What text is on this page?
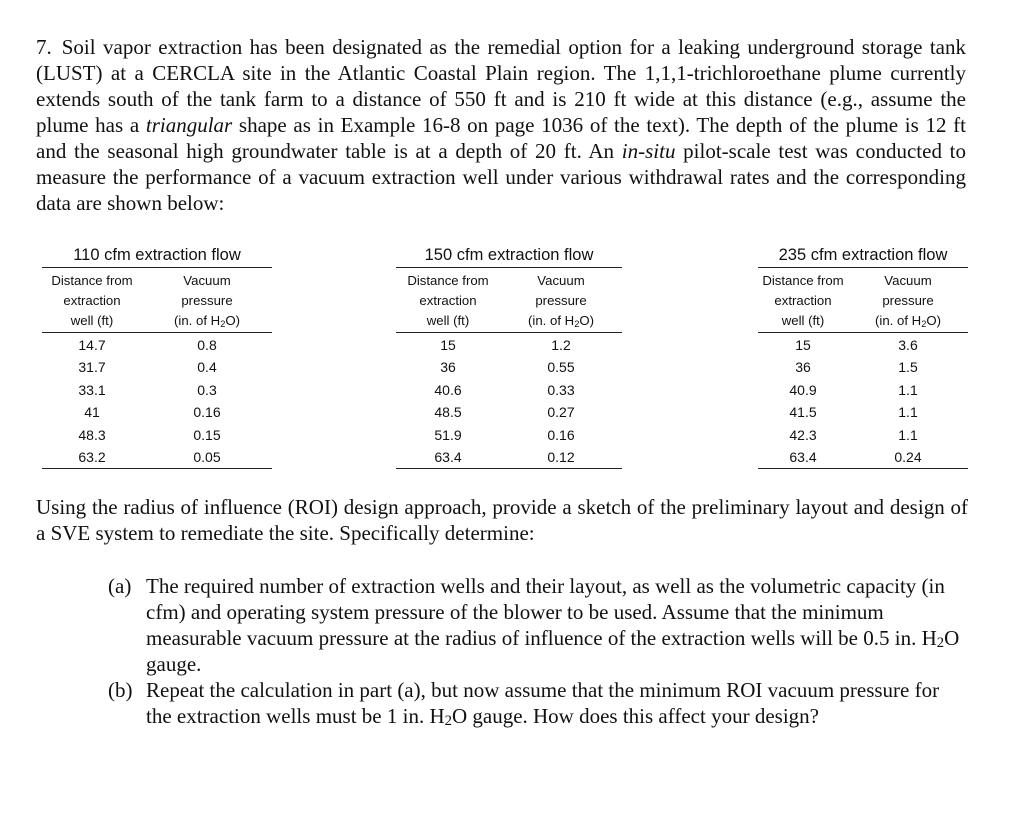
7. Soil vapor extraction has been designated as the remedial option for a leaking underground storage tank (LUST) at a CERCLA site in the Atlantic Coastal Plain region. The 1,1,1-trichloroethane plume currently extends south of the tank farm to a distance of 550 ft and is 210 ft wide at this distance (e.g., assume the plume has a triangular shape as in Example 16-8 on page 1036 of the text). The depth of the plume is 12 ft and the seasonal high groundwater table is at a depth of 20 ft. An in-situ pilot-scale test was conducted to measure the performance of a vacuum extraction well under various withdrawal rates and the corresponding data are shown below:
110 cfm extraction flow
Distance from
extraction
well (ft)
Vacuum
pressure
(in. of $H_2O$)
14.7	0.8
31.7	0.4
33.1	0.3
41	0.16
48.3	0.15
63.2	0.05
150 cfm extraction flow
Distance from
extraction
well (ft)
Vacuum
pressure
(in. of $H_2O$)
15	1.2
36	0.55
40.6	0.33
48.5	0.27
51.9	0.16
63.4	0.12
235 cfm extraction flow
Distance from
extraction
well (ft)
Vacuum
pressure
(in. of $H_2O$)
15	3.6
36	1.5
40.9	1.1
41.5	1.1
42.3	1.1
63.4	0.24
Using the radius of influence (ROI) design approach, provide a sketch of the preliminary layout and design of a SVE system to remediate the site. Specifically determine:
(a) The required number of extraction wells and their layout, as well as the volumetric capacity (in cfm) and operating system pressure of the blower to be used. Assume that the minimum measurable vacuum pressure at the radius of influence of the extraction wells will be 0.5 in. $H_2O$ gauge.
(b) Repeat the calculation in part (a), but now assume that the minimum ROI vacuum pressure for the extraction wells must be 1 in. $H_2O$ gauge. How does this affect your design?
